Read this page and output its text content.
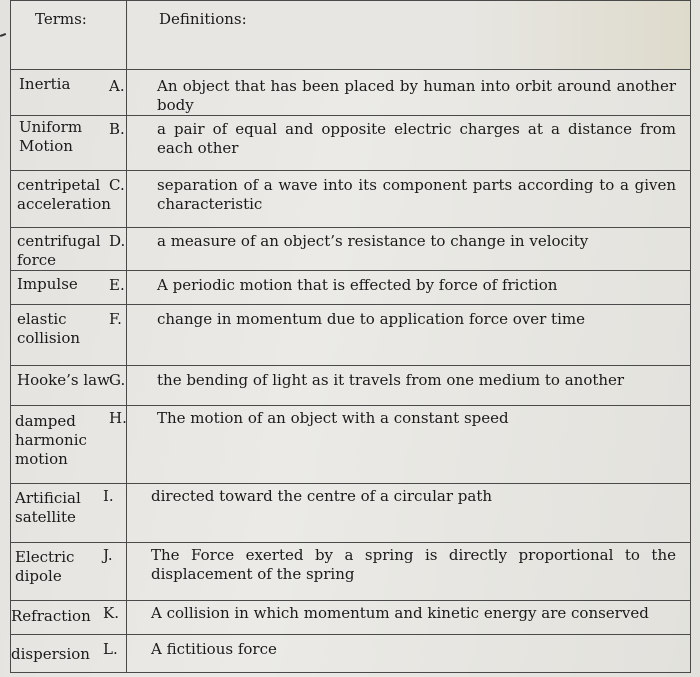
Terms:	Definitions:
Inertia	A. An object that has been placed by human into orbit around another body

Uniform Motion	B. a pair of equal and opposite electric charges at a distance from each other

centripetal acceleration	C. separation of a wave into its component parts according to a given characteristic

centrifugal force	D. a measure of an object’s resistance to change in velocity

Impulse	E. A periodic motion that is effected by force of friction

elastic collision	F. change in momentum due to application force over time

Hooke’s law	G. the bending of light as it travels from one medium to another

damped harmonic motion	H. The motion of an object with a constant speed

Artificial satellite	I. directed toward the centre of a circular path

Electric dipole	J. The Force exerted by a spring is directly proportional to the displacement of the spring

Refraction	K. A collision in which momentum and kinetic energy are conserved

dispersion	L. A fictitious force
